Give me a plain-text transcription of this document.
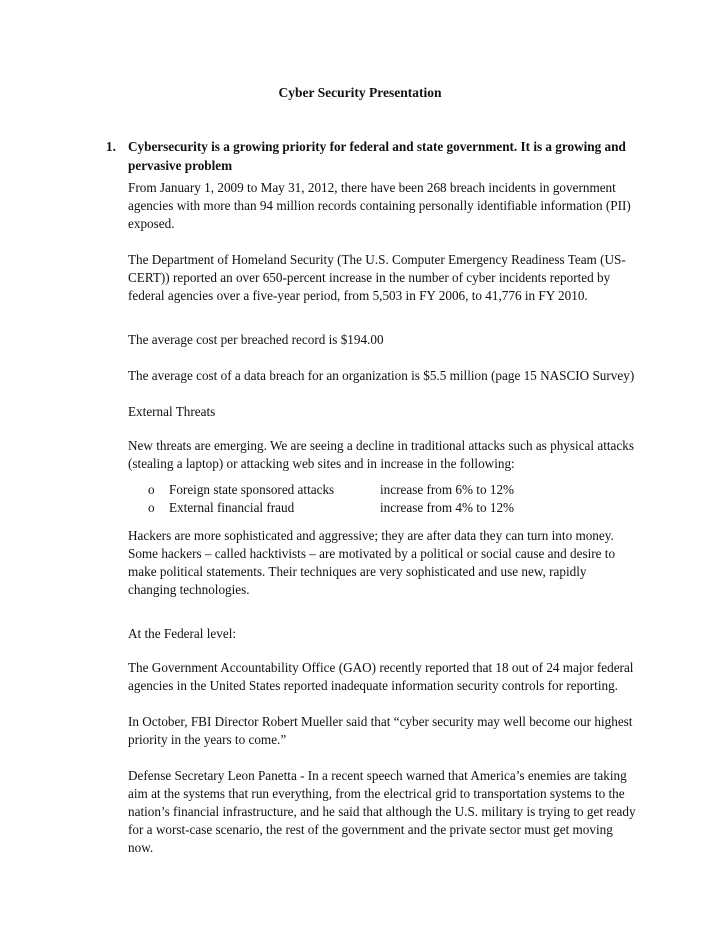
Cyber Security Presentation
1. Cybersecurity is a growing priority for federal and state government. It is a growing and pervasive problem

From January 1, 2009 to May 31, 2012, there have been 268 breach incidents in government agencies with more than 94 million records containing personally identifiable information (PII) exposed.

The Department of Homeland Security (The U.S. Computer Emergency Readiness Team (US-CERT)) reported an over 650-percent increase in the number of cyber incidents reported by federal agencies over a five-year period, from 5,503 in FY 2006, to 41,776 in FY 2010.

The average cost per breached record is $194.00

The average cost of a data breach for an organization is $5.5 million (page 15 NASCIO Survey)

External Threats

New threats are emerging. We are seeing a decline in traditional attacks such as physical attacks (stealing a laptop) or attacking web sites and in increase in the following:

o Foreign state sponsored attacks	increase from 6% to 12%
o External financial fraud	increase from 4% to 12%

Hackers are more sophisticated and aggressive; they are after data they can turn into money. Some hackers – called hacktivists – are motivated by a political or social cause and desire to make political statements. Their techniques are very sophisticated and use new, rapidly changing technologies.

At the Federal level:

The Government Accountability Office (GAO) recently reported that 18 out of 24 major federal agencies in the United States reported inadequate information security controls for reporting.

In October, FBI Director Robert Mueller said that “cyber security may well become our highest priority in the years to come.”

Defense Secretary Leon Panetta - In a recent speech warned that America’s enemies are taking aim at the systems that run everything, from the electrical grid to transportation systems to the nation’s financial infrastructure, and he said that although the U.S. military is trying to get ready for a worst-case scenario, the rest of the government and the private sector must get moving now.
